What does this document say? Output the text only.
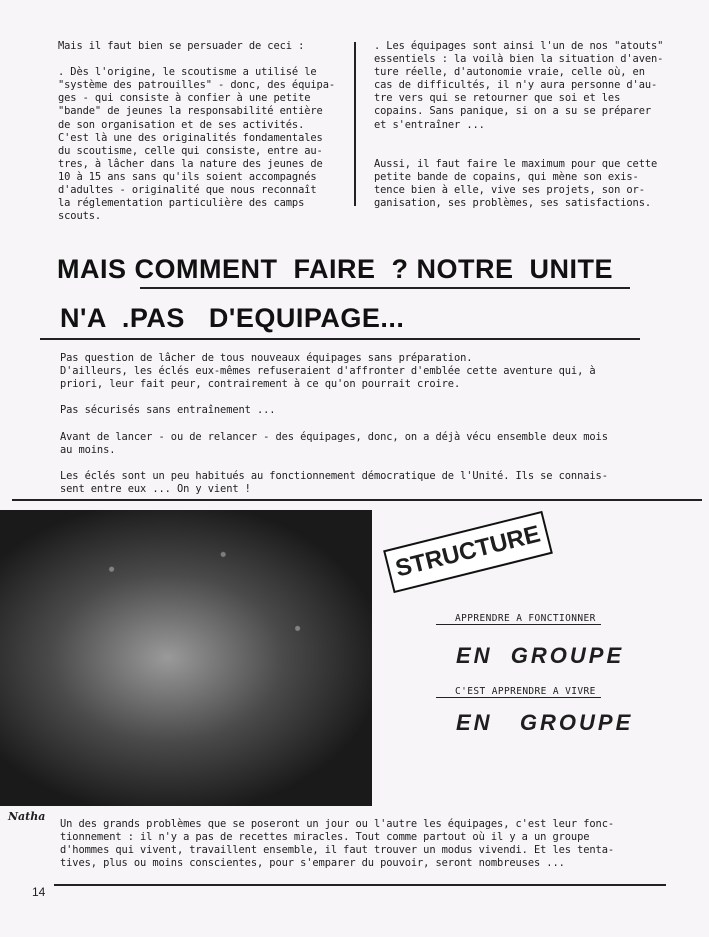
Mais il faut bien se persuader de ceci :

. Dès l'origine, le scoutisme a utilisé le
"système des patrouilles" - donc, des équipa-
ges - qui consiste à confier à une petite
"bande" de jeunes la responsabilité entière
de son organisation et de ses activités.
C'est là une des originalités fondamentales
du scoutisme, celle qui consiste, entre au-
tres, à lâcher dans la nature des jeunes de
10 à 15 ans sans qu'ils soient accompagnés
d'adultes - originalité que nous reconnaît
la réglementation particulière des camps
scouts.
. Les équipages sont ainsi l'un de nos "atouts"
essentiels : la voilà bien la situation d'aven-
ture réelle, d'autonomie vraie, celle où, en
cas de difficultés, il n'y aura personne d'au-
tre vers qui se retourner que soi et les
copains. Sans panique, si on a su se préparer
et s'entraîner ...

Aussi, il faut faire le maximum pour que cette
petite bande de copains, qui mène son exis-
tence bien à elle, vive ses projets, son or-
ganisation, ses problèmes, ses satisfactions.
MAIS COMMENT  FAIRE  ? NOTRE  UNITE
N'A  .PAS   D'EQUIPAGE...
Pas question de lâcher de tous nouveaux équipages sans préparation.
D'ailleurs, les éclés eux-mêmes refuseraient d'affronter d'emblée cette aventure qui, à
priori, leur fait peur, contrairement à ce qu'on pourrait croire.

Pas sécurisés sans entraînement ...

Avant de lancer - ou de relancer - des équipages, donc, on a déjà vécu ensemble deux mois
au moins.

Les éclés sont un peu habitués au fonctionnement démocratique de l'Unité. Ils se connais-
sent entre eux ... On y vient !
Natha
STRUCTURE
APPRENDRE A FONCTIONNER
EN  GROUPE
C'EST APPRENDRE A VIVRE
EN   GROUPE
Un des grands problèmes que se poseront un jour ou l'autre les équipages, c'est leur fonc-
tionnement : il n'y a pas de recettes miracles. Tout comme partout où il y a un groupe
d'hommes qui vivent, travaillent ensemble, il faut trouver un modus vivendi. Et les tenta-
tives, plus ou moins conscientes, pour s'emparer du pouvoir, seront nombreuses ...
14
